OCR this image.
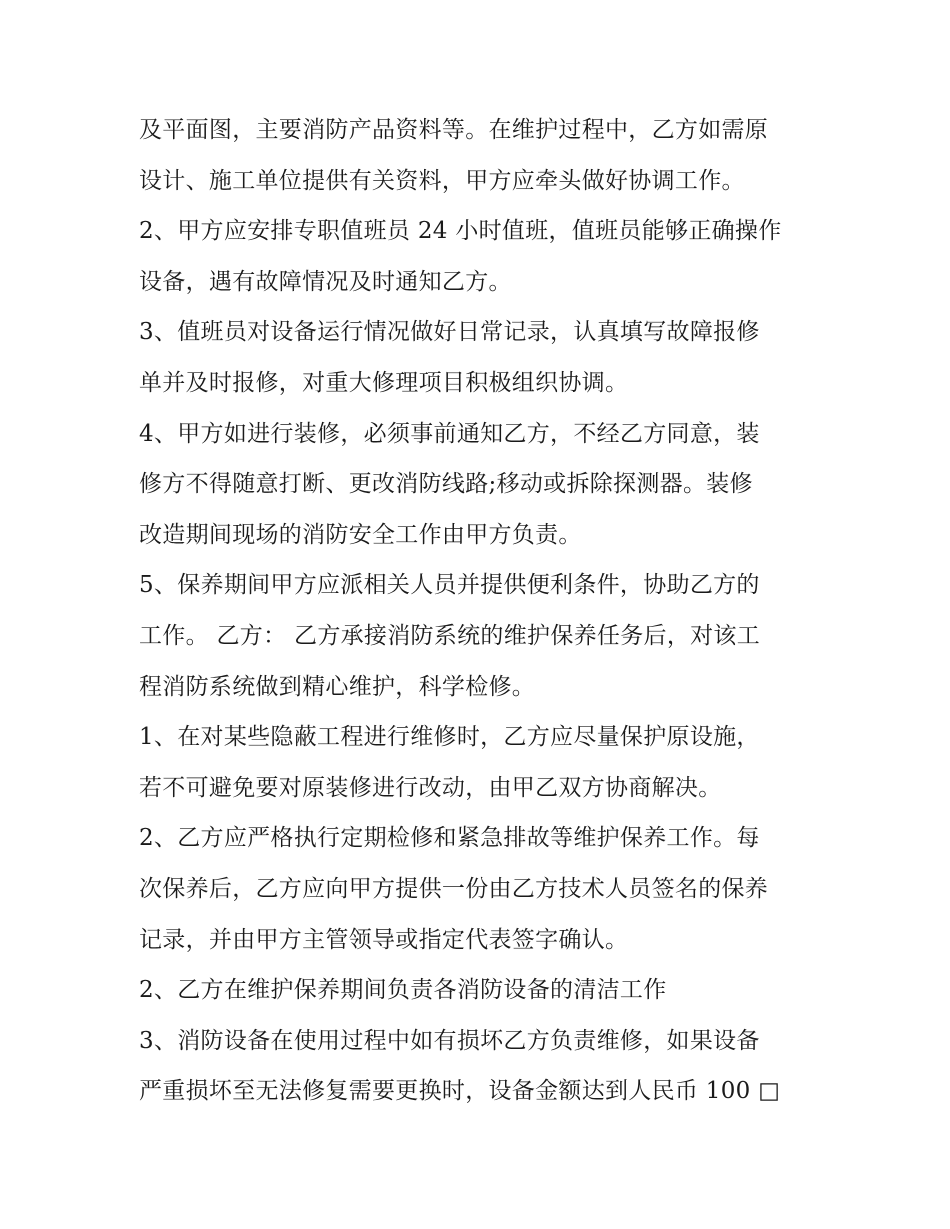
及平面图，主要消防产品资料等。在维护过程中，乙方如需原
设计、施工单位提供有关资料，甲方应牵头做好协调工作。
2、甲方应安排专职值班员 24 小时值班，值班员能够正确操作
设备，遇有故障情况及时通知乙方。
3、值班员对设备运行情况做好日常记录，认真填写故障报修
单并及时报修，对重大修理项目积极组织协调。
4、甲方如进行装修，必须事前通知乙方，不经乙方同意，装
修方不得随意打断、更改消防线路;移动或拆除探测器。装修
改造期间现场的消防安全工作由甲方负责。
5、保养期间甲方应派相关人员并提供便利条件，协助乙方的
工作。 乙方： 乙方承接消防系统的维护保养任务后，对该工
程消防系统做到精心维护，科学检修。
1、在对某些隐蔽工程进行维修时，乙方应尽量保护原设施，
若不可避免要对原装修进行改动，由甲乙双方协商解决。
2、乙方应严格执行定期检修和紧急排故等维护保养工作。每
次保养后，乙方应向甲方提供一份由乙方技术人员签名的保养
记录，并由甲方主管领导或指定代表签字确认。
2、乙方在维护保养期间负责各消防设备的清洁工作
3、消防设备在使用过程中如有损坏乙方负责维修，如果设备
严重损坏至无法修复需要更换时，设备金额达到人民币 100 □
